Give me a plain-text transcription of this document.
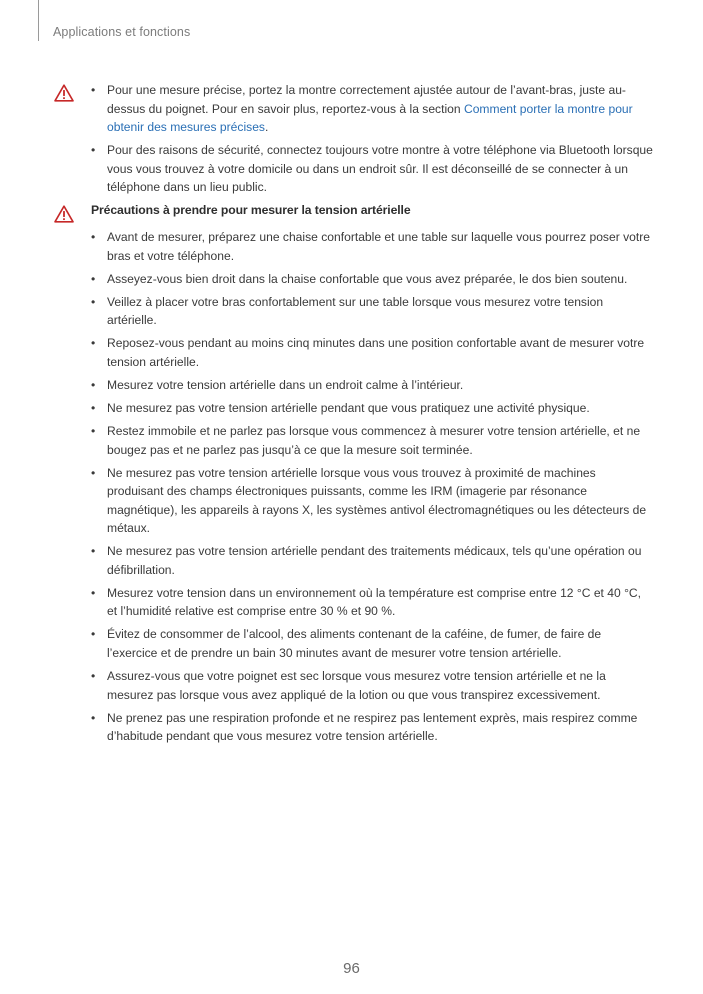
Applications et fonctions
• Pour une mesure précise, portez la montre correctement ajustée autour de l’avant-bras, juste au-dessus du poignet. Pour en savoir plus, reportez-vous à la section Comment porter la montre pour obtenir des mesures précises.
• Pour des raisons de sécurité, connectez toujours votre montre à votre téléphone via Bluetooth lorsque vous vous trouvez à votre domicile ou dans un endroit sûr. Il est déconseillé de se connecter à un téléphone dans un lieu public.
Précautions à prendre pour mesurer la tension artérielle
• Avant de mesurer, préparez une chaise confortable et une table sur laquelle vous pourrez poser votre bras et votre téléphone.
• Asseyez-vous bien droit dans la chaise confortable que vous avez préparée, le dos bien soutenu.
• Veillez à placer votre bras confortablement sur une table lorsque vous mesurez votre tension artérielle.
• Reposez-vous pendant au moins cinq minutes dans une position confortable avant de mesurer votre tension artérielle.
• Mesurez votre tension artérielle dans un endroit calme à l’intérieur.
• Ne mesurez pas votre tension artérielle pendant que vous pratiquez une activité physique.
• Restez immobile et ne parlez pas lorsque vous commencez à mesurer votre tension artérielle, et ne bougez pas et ne parlez pas jusqu’à ce que la mesure soit terminée.
• Ne mesurez pas votre tension artérielle lorsque vous vous trouvez à proximité de machines produisant des champs électroniques puissants, comme les IRM (imagerie par résonance magnétique), les appareils à rayons X, les systèmes antivol électromagnétiques ou les détecteurs de métaux.
• Ne mesurez pas votre tension artérielle pendant des traitements médicaux, tels qu’une opération ou défibrillation.
• Mesurez votre tension dans un environnement où la température est comprise entre 12 °C et 40 °C, et l’humidité relative est comprise entre 30 % et 90 %.
• Évitez de consommer de l’alcool, des aliments contenant de la caféine, de fumer, de faire de l’exercice et de prendre un bain 30 minutes avant de mesurer votre tension artérielle.
• Assurez-vous que votre poignet est sec lorsque vous mesurez votre tension artérielle et ne la mesurez pas lorsque vous avez appliqué de la lotion ou que vous transpirez excessivement.
• Ne prenez pas une respiration profonde et ne respirez pas lentement exprès, mais respirez comme d’habitude pendant que vous mesurez votre tension artérielle.
96
